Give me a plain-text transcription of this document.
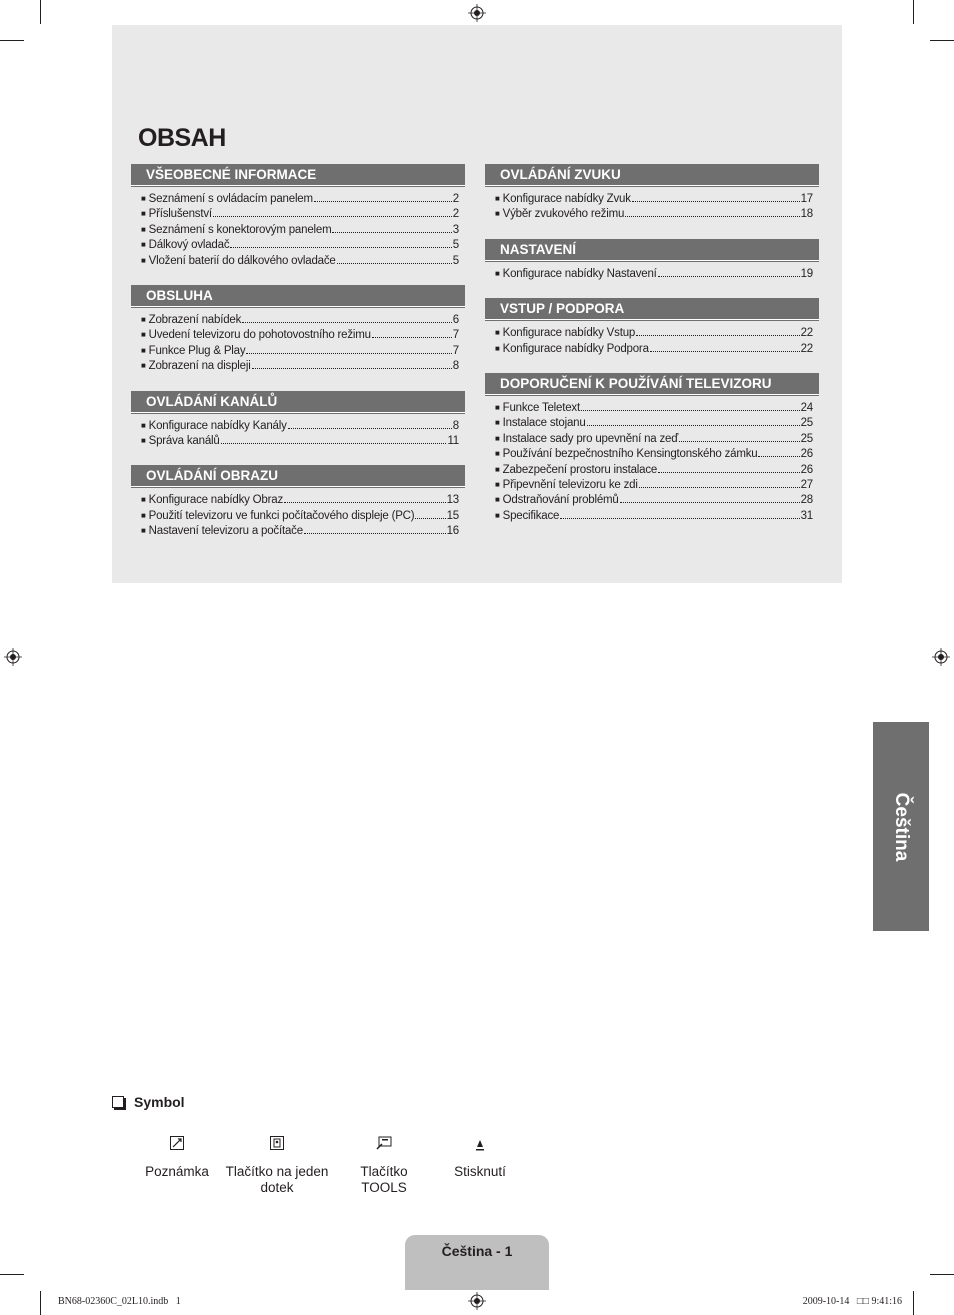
OBSAH
VŠEOBECNÉ INFORMACE
■ Seznámení s ovládacím panelem	2
■ Příslušenství	2
■ Seznámení s konektorovým panelem	3
■ Dálkový ovladač	5
■ Vložení baterií do dálkového ovladače	5
OBSLUHA
■ Zobrazení nabídek	6
■ Uvedení televizoru do pohotovostního režimu	7
■ Funkce Plug & Play	7
■ Zobrazení na displeji	8
OVLÁDÁNÍ KANÁLŮ
■ Konfigurace nabídky Kanály	8
■ Správa kanálů	11
OVLÁDÁNÍ OBRAZU
■ Konfigurace nabídky Obraz	13
■ Použití televizoru ve funkci počítačového displeje (PC)	15
■ Nastavení televizoru a počítače	16
OVLÁDÁNÍ ZVUKU
■ Konfigurace nabídky Zvuk	17
■ Výběr zvukového režimu	18
NASTAVENÍ
■ Konfigurace nabídky Nastavení	19
VSTUP / PODPORA
■ Konfigurace nabídky Vstup	22
■ Konfigurace nabídky Podpora	22
DOPORUČENÍ K POUŽÍVÁNÍ TELEVIZORU
■ Funkce Teletext	24
■ Instalace stojanu	25
■ Instalace sady pro upevnění na zeď	25
■ Používání bezpečnostního Kensingtonského zámku	26
■ Zabezpečení prostoru instalace	26
■ Připevnění televizoru ke zdi	27
■ Odstraňování problémů	28
■ Specifikace	31
Čeština
Symbol
Poznámka	Tlačítko na jeden dotek
Tlačítko TOOLS
Stisknutí
Čeština - 1
BN68-02360C_02L10.indb   1	2009-10-14   □□ 9:41:16
